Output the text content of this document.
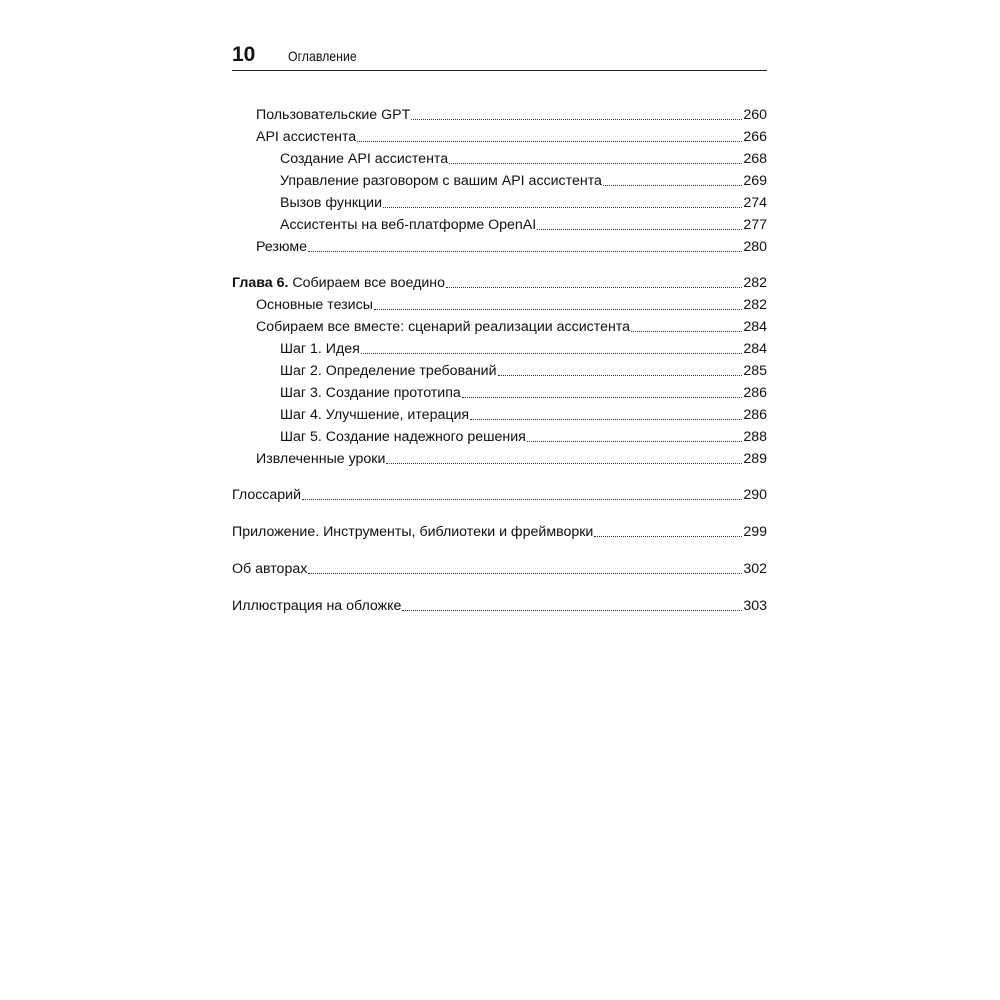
10 Оглавление
Пользовательские GPT	260
API ассистента	266
Создание API ассистента	268
Управление разговором с вашим API ассистента	269
Вызов функции	274
Ассистенты на веб-платформе OpenAI	277
Резюме	280
Глава 6. Собираем все воедино	282
Основные тезисы	282
Собираем все вместе: сценарий реализации ассистента	284
Шаг 1. Идея	284
Шаг 2. Определение требований	285
Шаг 3. Создание прототипа	286
Шаг 4. Улучшение, итерация	286
Шаг 5. Создание надежного решения	288
Извлеченные уроки	289
Глоссарий	290
Приложение. Инструменты, библиотеки и фреймворки	299
Об авторах	302
Иллюстрация на обложке	303
